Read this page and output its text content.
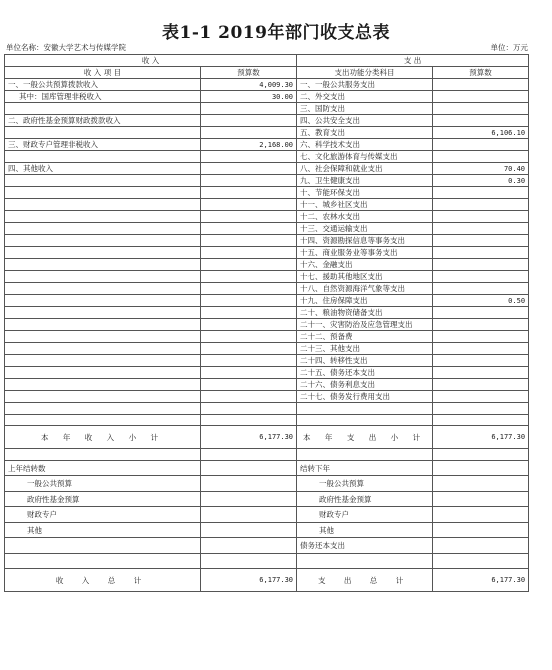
表1-1 2019年部门收支总表
单位名称：安徽大学艺术与传媒学院	单位：万元
收 入		支 出	
收 入 项 目	预算数	支出功能分类科目	预算数
一、一般公共预算拨款收入	4,009.30	一、一般公共服务支出	
其中：国库管理非税收入	30.00	二、外交支出	
		三、国防支出	
二、政府性基金预算财政拨款收入		四、公共安全支出	
		五、教育支出	6,106.10
三、财政专户管理非税收入	2,168.00	六、科学技术支出	
		七、文化旅游体育与传媒支出	
四、其他收入		八、社会保障和就业支出	70.40
		九、卫生健康支出	0.30
		十、节能环保支出	
		十一、城乡社区支出	
		十二、农林水支出	
		十三、交通运输支出	
		十四、资源勘探信息等事务支出	
		十五、商业服务业等事务支出	
		十六、金融支出	
		十七、援助其他地区支出	
		十八、自然资源海洋气象等支出	
		十九、住房保障支出	0.50
		二十、粮油物资储备支出	
		二十一、灾害防治及应急管理支出	
		二十二、预备费	
		二十三、其他支出	
		二十四、转移性支出	
		二十五、债务还本支出	
		二十六、债务利息支出	
		二十七、债务发行费用支出	

本 年 收 入 小 计	6,177.30	本 年 支 出 小 计	6,177.30

上年结转数		结转下年	
一般公共预算		一般公共预算	
政府性基金预算		政府性基金预算	
财政专户		财政专户	
其他		其他	
		债务还本支出	

收 入 总 计	6,177.30	支 出 总 计	6,177.30
